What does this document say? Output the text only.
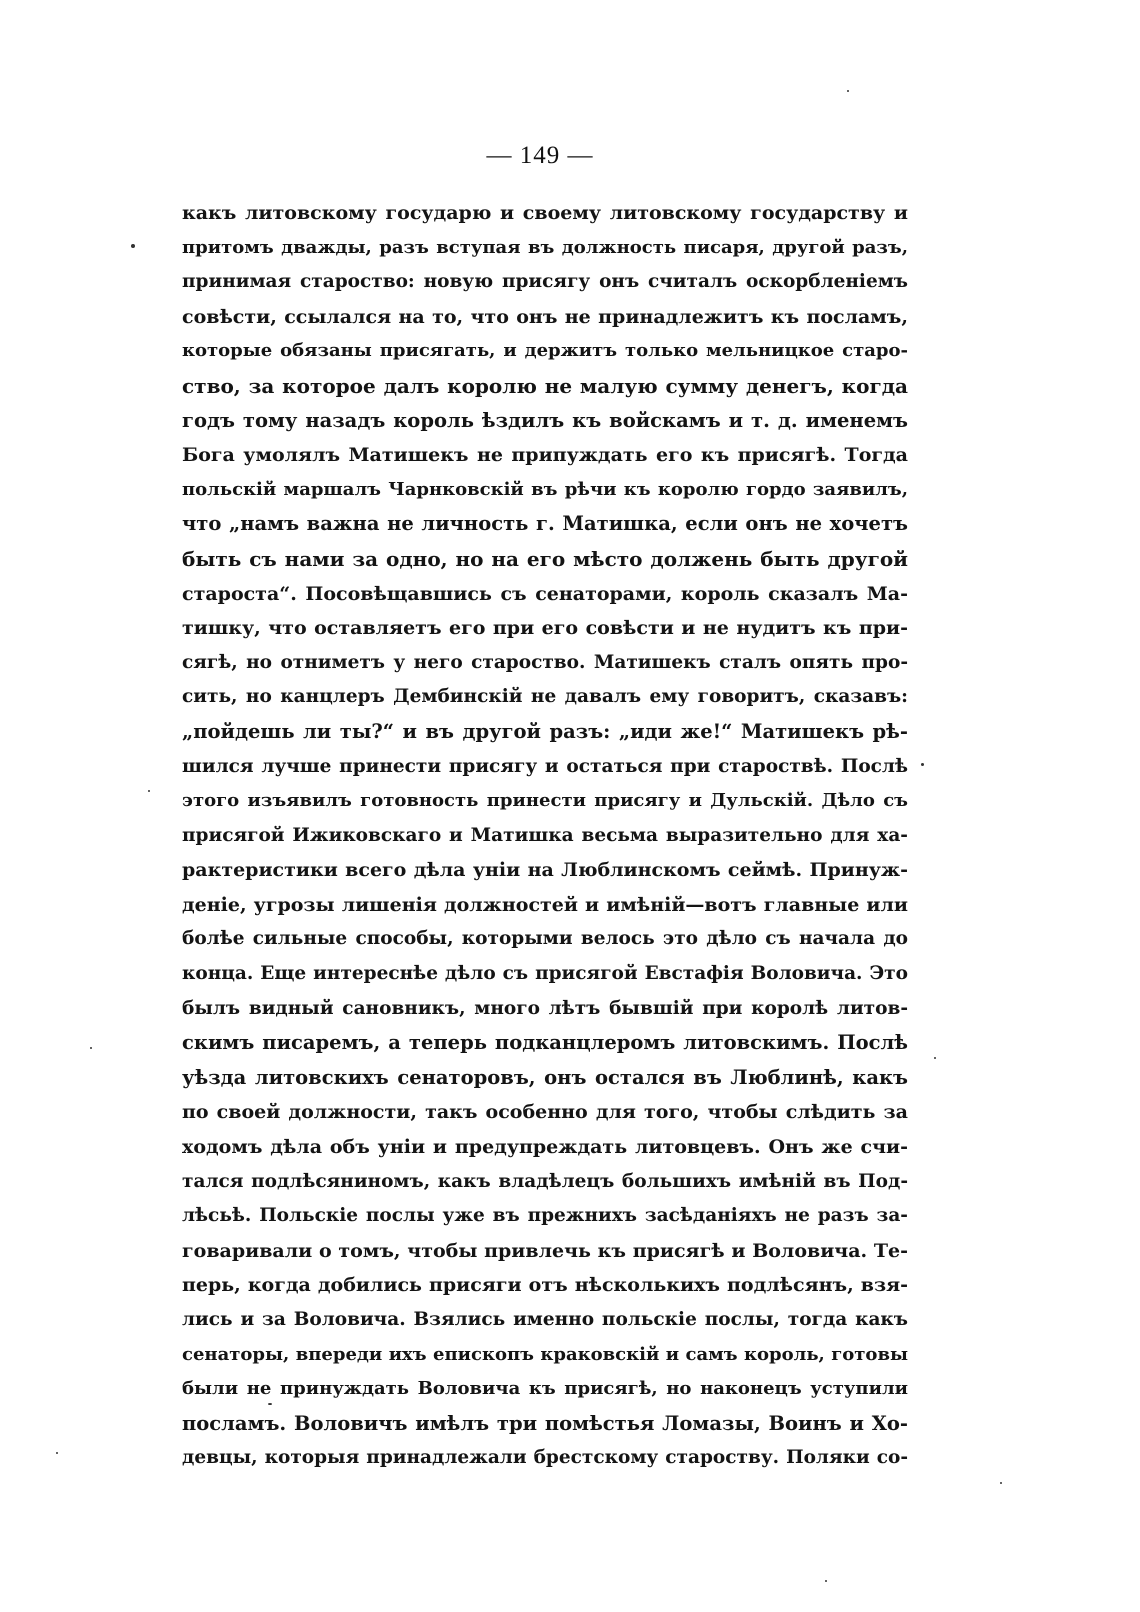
— 149 —
какъ литовскому государю и своему литовскому государству и
притомъ дважды, разъ вступая въ должность писаря, другой разъ,
принимая староство: новую присягу онъ считалъ оскорбленіемъ
совѣсти, ссылался на то, что онъ не принадлежитъ къ посламъ,
которые обязаны присягать, и держитъ только мельницкое старо-
ство, за которое далъ королю не малую сумму денегъ, когда
годъ тому назадъ король ѣздилъ къ войскамъ и т. д. именемъ
Бога умолялъ Матишекъ не припуждать его къ присягѣ. Тогда
польскій маршалъ Чарнковскій въ рѣчи къ королю гордо заявилъ,
что „намъ важна не личность г. Матишка, если онъ не хочетъ
быть съ нами за одно, но на его мѣсто должень быть другой
староста“. Посовѣщавшись съ сенаторами, король сказалъ Ма-
тишку, что оставляетъ его при его совѣсти и не нудитъ къ при-
сягѣ, но отниметъ у него староство. Матишекъ сталъ опять про-
сить, но канцлеръ Дембинскій не давалъ ему говоритъ, сказавъ:
„пойдешь ли ты?“ и въ другой разъ: „иди же!“ Матишекъ рѣ-
шился лучше принести присягу и остаться при староствѣ. Послѣ
этого изъявилъ готовность принести присягу и Дульскій. Дѣло съ
присягой Ижиковскаго и Матишка весьма выразительно для ха-
рактеристики всего дѣла уніи на Люблинскомъ сеймѣ. Принуж-
деніе, угрозы лишенія должностей и имѣній—вотъ главные или
болѣе сильные способы, которыми велось это дѣло съ начала до
конца. Еще интереснѣе дѣло съ присягой Евстафія Воловича. Это
былъ видный сановникъ, много лѣтъ бывшій при королѣ литов-
скимъ писаремъ, а теперь подканцлеромъ литовскимъ. Послѣ
уѣзда литовскихъ сенаторовъ, онъ остался въ Люблинѣ, какъ
по своей должности, такъ особенно для того, чтобы слѣдить за
ходомъ дѣла объ уніи и предупреждать литовцевъ. Онъ же счи-
тался подлѣсяниномъ, какъ владѣлецъ большихъ имѣній въ Под-
лѣсьѣ. Польскіе послы уже въ прежнихъ засѣданіяхъ не разъ за-
говаривали о томъ, чтобы привлечь къ присягѣ и Воловича. Те-
перь, когда добились присяги отъ нѣсколькихъ подлѣсянъ, взя-
лись и за Воловича. Взялись именно польскіе послы, тогда какъ
сенаторы, впереди ихъ епископъ краковскій и самъ король, готовы
были не принуждать Воловича къ присягѣ, но наконецъ уступили
посламъ. Воловичъ имѣлъ три помѣстья Ломазы, Воинъ и Хо-
девцы, которыя принадлежали брестскому староству. Поляки со-
